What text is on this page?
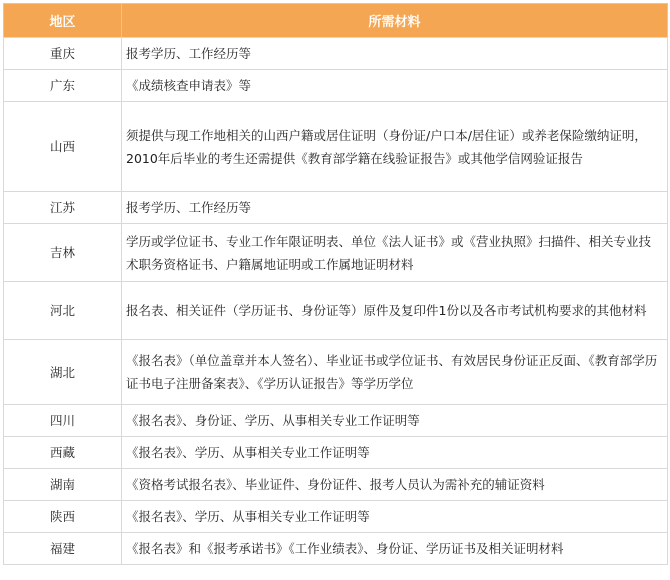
地区	所需材料
重庆	报考学历、工作经历等
广东	《成绩核查申请表》等
山西	须提供与现工作地相关的山西户籍或居住证明（身份证/户口本/居住证）或养老保险缴纳证明，2010年后毕业的考生还需提供《教育部学籍在线验证报告》或其他学信网验证报告
江苏	报考学历、工作经历等
吉林	学历或学位证书、专业工作年限证明表、单位《法人证书》或《营业执照》扫描件、相关专业技术职务资格证书、户籍属地证明或工作属地证明材料
河北	报名表、相关证件（学历证书、身份证等）原件及复印件1份以及各市考试机构要求的其他材料
湖北	《报名表》（单位盖章并本人签名）、毕业证书或学位证书、有效居民身份证正反面、《教育部学历证书电子注册备案表》、《学历认证报告》等学历学位
四川	《报名表》、身份证、学历、从事相关专业工作证明等
西藏	《报名表》、学历、从事相关专业工作证明等
湖南	《资格考试报名表》、毕业证件、身份证件、报考人员认为需补充的辅证资料
陕西	《报名表》、学历、从事相关专业工作证明等
福建	《报名表》和《报考承诺书》《工作业绩表》、身份证、学历证书及相关证明材料
